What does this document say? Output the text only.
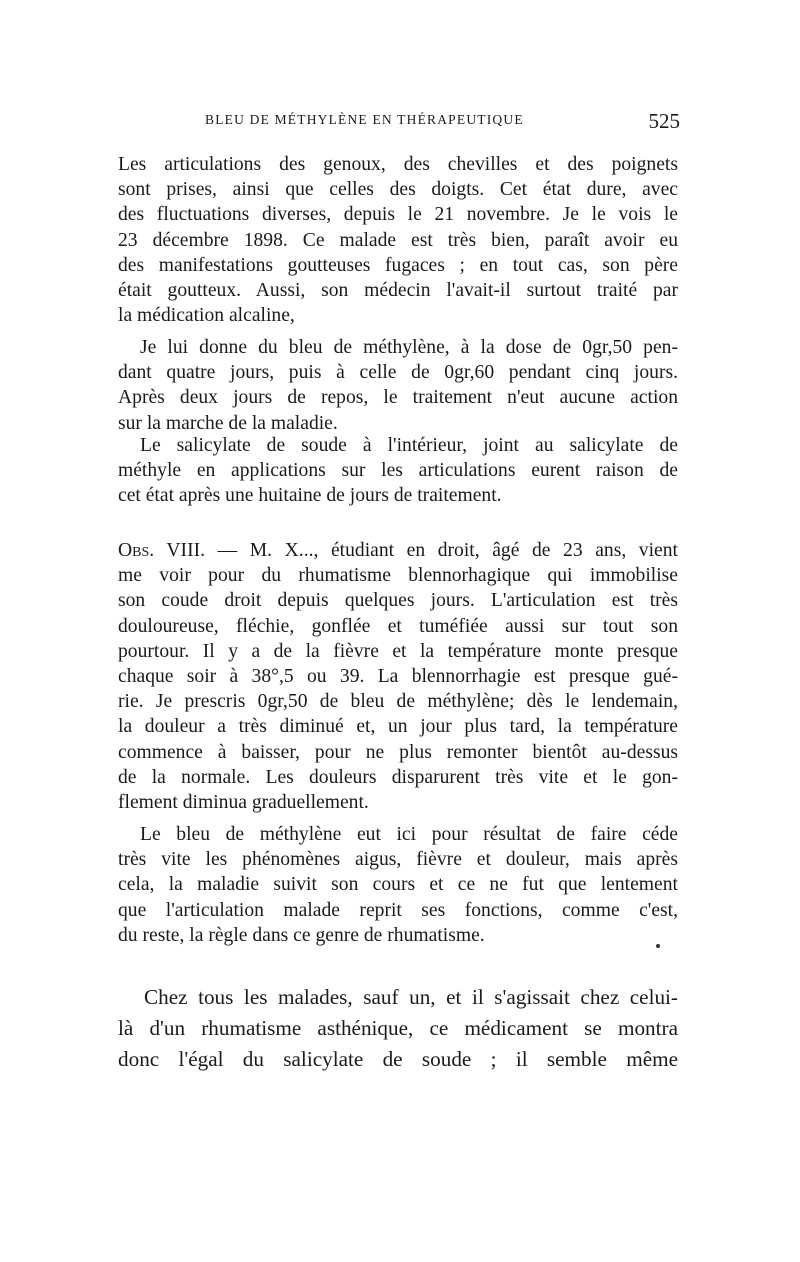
BLEU DE MÉTHYLÈNE EN THÉRAPEUTIQUE	525
Les articulations des genoux, des chevilles et des poignets
sont prises, ainsi que celles des doigts. Cet état dure, avec
des fluctuations diverses, depuis le 21 novembre. Je le vois le
23 décembre 1898. Ce malade est très bien, paraît avoir eu
des manifestations goutteuses fugaces ; en tout cas, son père
était goutteux. Aussi, son médecin l'avait-il surtout traité par
la médication alcaline,
Je lui donne du bleu de méthylène, à la dose de 0gr,50 pen-
dant quatre jours, puis à celle de 0gr,60 pendant cinq jours.
Après deux jours de repos, le traitement n'eut aucune action
sur la marche de la maladie.
Le salicylate de soude à l'intérieur, joint au salicylate de
méthyle en applications sur les articulations eurent raison de
cet état après une huitaine de jours de traitement.
Obs. VIII. — M. X..., étudiant en droit, âgé de 23 ans, vient
me voir pour du rhumatisme blennorhagique qui immobilise
son coude droit depuis quelques jours. L'articulation est très
douloureuse, fléchie, gonflée et tuméfiée aussi sur tout son
pourtour. Il y a de la fièvre et la température monte presque
chaque soir à 38°,5 ou 39. La blennorrhagie est presque gué-
rie. Je prescris 0gr,50 de bleu de méthylène; dès le lendemain,
la douleur a très diminué et, un jour plus tard, la température
commence à baisser, pour ne plus remonter bientôt au-dessus
de la normale. Les douleurs disparurent très vite et le gon-
flement diminua graduellement.
Le bleu de méthylène eut ici pour résultat de faire céde
très vite les phénomènes aigus, fièvre et douleur, mais après
cela, la maladie suivit son cours et ce ne fut que lentement
que l'articulation malade reprit ses fonctions, comme c'est,
du reste, la règle dans ce genre de rhumatisme.
Chez tous les malades, sauf un, et il s'agissait chez celui-
là d'un rhumatisme asthénique, ce médicament se montra
donc l'égal du salicylate de soude ; il semble même
